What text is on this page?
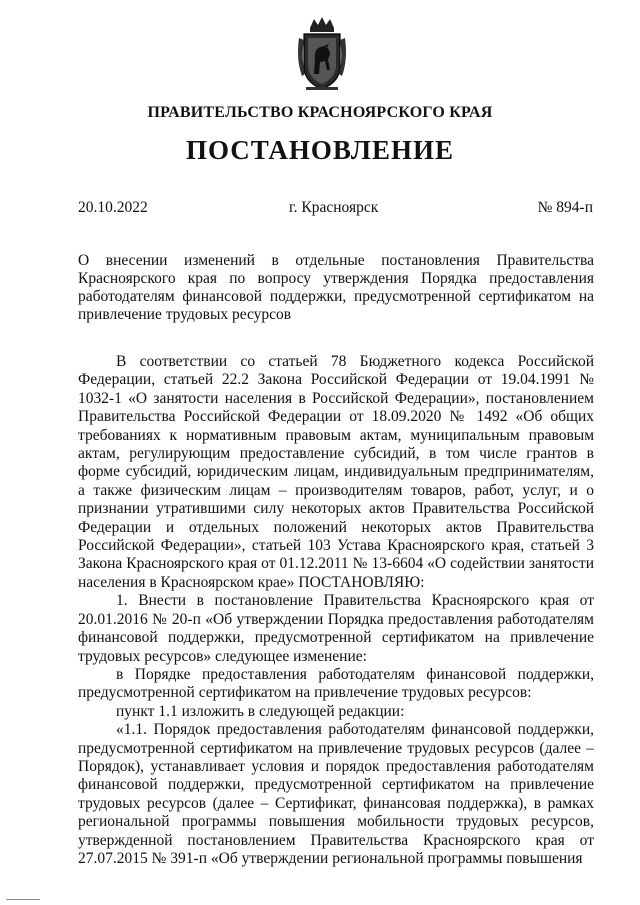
ПРАВИТЕЛЬСТВО КРАСНОЯРСКОГО КРАЯ
ПОСТАНОВЛЕНИЕ
20.10.2022	г. Красноярск	№ 894-п
О внесении изменений в отдельные постановления Правительства Красноярского края по вопросу утверждения Порядка предоставления работодателям финансовой поддержки, предусмотренной сертификатом на привлечение трудовых ресурсов

В соответствии со статьей 78 Бюджетного кодекса Российской Федерации, статьей 22.2 Закона Российской Федерации от 19.04.1991 № 1032-1 «О занятости населения в Российской Федерации», постановлением Правительства Российской Федерации от 18.09.2020 № 1492 «Об общих требованиях к нормативным правовым актам, муниципальным правовым актам, регулирующим предоставление субсидий, в том числе грантов в форме субсидий, юридическим лицам, индивидуальным предпринимателям, а также физическим лицам – производителям товаров, работ, услуг, и о признании утратившими силу некоторых актов Правительства Российской Федерации и отдельных положений некоторых актов Правительства Российской Федерации», статьей 103 Устава Красноярского края, статьей 3 Закона Красноярского края от 01.12.2011 № 13-6604 «О содействии занятости населения в Красноярском крае» ПОСТАНОВЛЯЮ:

1. Внести в постановление Правительства Красноярского края от 20.01.2016 № 20-п «Об утверждении Порядка предоставления работодателям финансовой поддержки, предусмотренной сертификатом на привлечение трудовых ресурсов» следующее изменение:

в Порядке предоставления работодателям финансовой поддержки, предусмотренной сертификатом на привлечение трудовых ресурсов:

пункт 1.1 изложить в следующей редакции:

«1.1. Порядок предоставления работодателям финансовой поддержки, предусмотренной сертификатом на привлечение трудовых ресурсов (далее – Порядок), устанавливает условия и порядок предоставления работодателям финансовой поддержки, предусмотренной сертификатом на привлечение трудовых ресурсов (далее – Сертификат, финансовая поддержка), в рамках региональной программы повышения мобильности трудовых ресурсов, утвержденной постановлением Правительства Красноярского края от 27.07.2015 № 391-п «Об утверждении региональной программы повышения
